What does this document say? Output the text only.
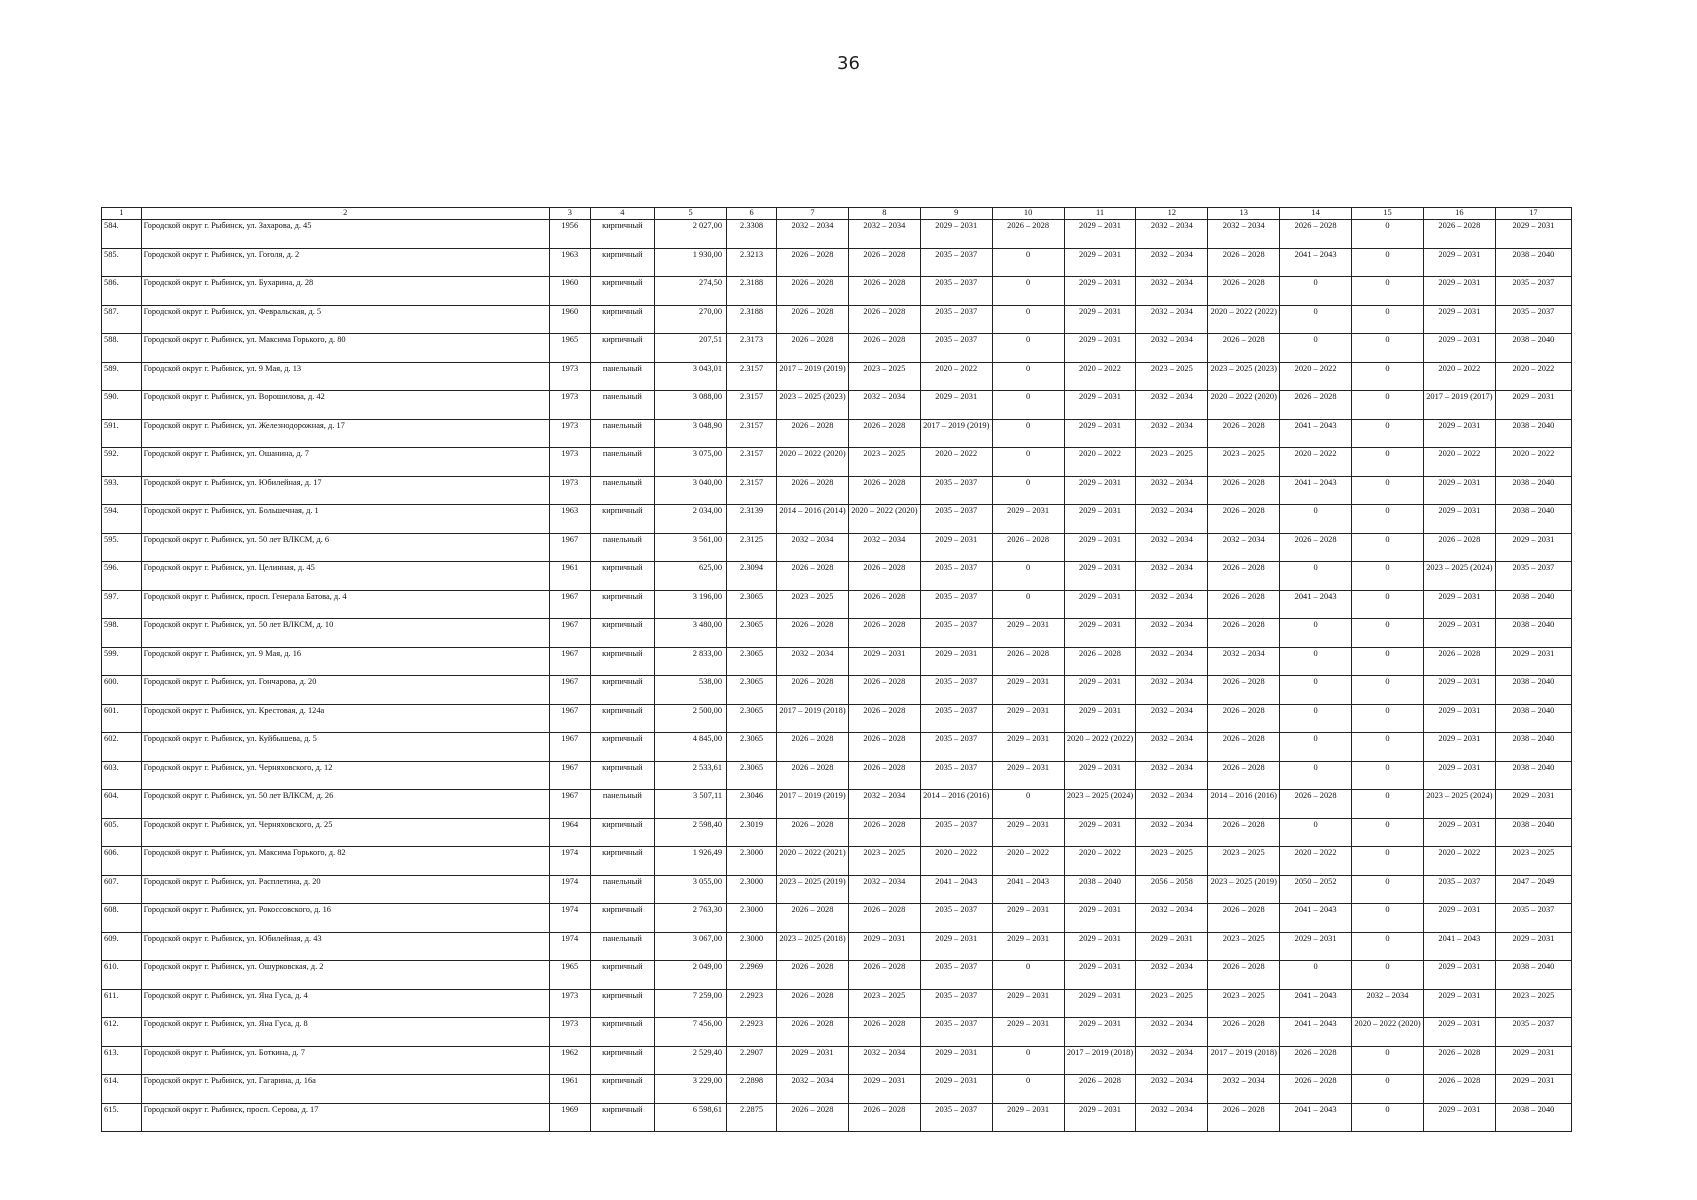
36
1	2	3	4	5	6	7	8	9	10	11	12	13	14	15	16	17
584.	Городской округ г. Рыбинск, ул. Захарова, д. 45	1956	кирпичный	2 027,00	2.3308	2032 – 2034	2032 – 2034	2029 – 2031	2026 – 2028	2029 – 2031	2032 – 2034	2032 – 2034	2026 – 2028	0	2026 – 2028	2029 – 2031
585.	Городской округ г. Рыбинск, ул. Гоголя, д. 2	1963	кирпичный	1 930,00	2.3213	2026 – 2028	2026 – 2028	2035 – 2037	0	2029 – 2031	2032 – 2034	2026 – 2028	2041 – 2043	0	2029 – 2031	2038 – 2040
586.	Городской округ г. Рыбинск, ул. Бухарина, д. 28	1960	кирпичный	274,50	2.3188	2026 – 2028	2026 – 2028	2035 – 2037	0	2029 – 2031	2032 – 2034	2026 – 2028	0	0	2029 – 2031	2035 – 2037
587.	Городской округ г. Рыбинск, ул. Февральская, д. 5	1960	кирпичный	270,00	2.3188	2026 – 2028	2026 – 2028	2035 – 2037	0	2029 – 2031	2032 – 2034	2020 – 2022 (2022)	0	0	2029 – 2031	2035 – 2037
588.	Городской округ г. Рыбинск, ул. Максима Горького, д. 80	1965	кирпичный	207,51	2.3173	2026 – 2028	2026 – 2028	2035 – 2037	0	2029 – 2031	2032 – 2034	2026 – 2028	0	0	2029 – 2031	2038 – 2040
589.	Городской округ г. Рыбинск, ул. 9 Мая, д. 13	1973	панельный	3 043,01	2.3157	2017 – 2019 (2019)	2023 – 2025	2020 – 2022	0	2020 – 2022	2023 – 2025	2023 – 2025 (2023)	2020 – 2022	0	2020 – 2022	2020 – 2022
590.	Городской округ г. Рыбинск, ул. Ворошилова, д. 42	1973	панельный	3 088,00	2.3157	2023 – 2025 (2023)	2032 – 2034	2029 – 2031	0	2029 – 2031	2032 – 2034	2020 – 2022 (2020)	2026 – 2028	0	2017 – 2019 (2017)	2029 – 2031
591.	Городской округ г. Рыбинск, ул. Железнодорожная, д. 17	1973	панельный	3 048,90	2.3157	2026 – 2028	2026 – 2028	2017 – 2019 (2019)	0	2029 – 2031	2032 – 2034	2026 – 2028	2041 – 2043	0	2029 – 2031	2038 – 2040
592.	Городской округ г. Рыбинск, ул. Ошанина, д. 7	1973	панельный	3 075,00	2.3157	2020 – 2022 (2020)	2023 – 2025	2020 – 2022	0	2020 – 2022	2023 – 2025	2023 – 2025	2020 – 2022	0	2020 – 2022	2020 – 2022
593.	Городской округ г. Рыбинск, ул. Юбилейная, д. 17	1973	панельный	3 040,00	2.3157	2026 – 2028	2026 – 2028	2035 – 2037	0	2029 – 2031	2032 – 2034	2026 – 2028	2041 – 2043	0	2029 – 2031	2038 – 2040
594.	Городской округ г. Рыбинск, ул. Большечная, д. 1	1963	кирпичный	2 034,00	2.3139	2014 – 2016 (2014)	2020 – 2022 (2020)	2035 – 2037	2029 – 2031	2029 – 2031	2032 – 2034	2026 – 2028	0	0	2029 – 2031	2038 – 2040
595.	Городской округ г. Рыбинск, ул. 50 лет ВЛКСМ, д. 6	1967	панельный	3 561,00	2.3125	2032 – 2034	2032 – 2034	2029 – 2031	2026 – 2028	2029 – 2031	2032 – 2034	2032 – 2034	2026 – 2028	0	2026 – 2028	2029 – 2031
596.	Городской округ г. Рыбинск, ул. Целинная, д. 45	1961	кирпичный	625,00	2.3094	2026 – 2028	2026 – 2028	2035 – 2037	0	2029 – 2031	2032 – 2034	2026 – 2028	0	0	2023 – 2025 (2024)	2035 – 2037
597.	Городской округ г. Рыбинск, просп. Генерала Батова, д. 4	1967	кирпичный	3 196,00	2.3065	2023 – 2025	2026 – 2028	2035 – 2037	0	2029 – 2031	2032 – 2034	2026 – 2028	2041 – 2043	0	2029 – 2031	2038 – 2040
598.	Городской округ г. Рыбинск, ул. 50 лет ВЛКСМ, д. 10	1967	кирпичный	3 480,00	2.3065	2026 – 2028	2026 – 2028	2035 – 2037	2029 – 2031	2029 – 2031	2032 – 2034	2026 – 2028	0	0	2029 – 2031	2038 – 2040
599.	Городской округ г. Рыбинск, ул. 9 Мая, д. 16	1967	кирпичный	2 833,00	2.3065	2032 – 2034	2029 – 2031	2029 – 2031	2026 – 2028	2026 – 2028	2032 – 2034	2032 – 2034	0	0	2026 – 2028	2029 – 2031
600.	Городской округ г. Рыбинск, ул. Гончарова, д. 20	1967	кирпичный	538,00	2.3065	2026 – 2028	2026 – 2028	2035 – 2037	2029 – 2031	2029 – 2031	2032 – 2034	2026 – 2028	0	0	2029 – 2031	2038 – 2040
601.	Городской округ г. Рыбинск, ул. Крестовая, д. 124а	1967	кирпичный	2 500,00	2.3065	2017 – 2019 (2018)	2026 – 2028	2035 – 2037	2029 – 2031	2029 – 2031	2032 – 2034	2026 – 2028	0	0	2029 – 2031	2038 – 2040
602.	Городской округ г. Рыбинск, ул. Куйбышева, д. 5	1967	кирпичный	4 845,00	2.3065	2026 – 2028	2026 – 2028	2035 – 2037	2029 – 2031	2020 – 2022 (2022)	2032 – 2034	2026 – 2028	0	0	2029 – 2031	2038 – 2040
603.	Городской округ г. Рыбинск, ул. Черняховского, д. 12	1967	кирпичный	2 533,61	2.3065	2026 – 2028	2026 – 2028	2035 – 2037	2029 – 2031	2029 – 2031	2032 – 2034	2026 – 2028	0	0	2029 – 2031	2038 – 2040
604.	Городской округ г. Рыбинск, ул. 50 лет ВЛКСМ, д. 26	1967	панельный	3 507,11	2.3046	2017 – 2019 (2019)	2032 – 2034	2014 – 2016 (2016)	0	2023 – 2025 (2024)	2032 – 2034	2014 – 2016 (2016)	2026 – 2028	0	2023 – 2025 (2024)	2029 – 2031
605.	Городской округ г. Рыбинск, ул. Черняховского, д. 25	1964	кирпичный	2 598,40	2.3019	2026 – 2028	2026 – 2028	2035 – 2037	2029 – 2031	2029 – 2031	2032 – 2034	2026 – 2028	0	0	2029 – 2031	2038 – 2040
606.	Городской округ г. Рыбинск, ул. Максима Горького, д. 82	1974	кирпичный	1 926,49	2.3000	2020 – 2022 (2021)	2023 – 2025	2020 – 2022	2020 – 2022	2020 – 2022	2023 – 2025	2023 – 2025	2020 – 2022	0	2020 – 2022	2023 – 2025
607.	Городской округ г. Рыбинск, ул. Расплетина, д. 20	1974	панельный	3 055,00	2.3000	2023 – 2025 (2019)	2032 – 2034	2041 – 2043	2041 – 2043	2038 – 2040	2056 – 2058	2023 – 2025 (2019)	2050 – 2052	0	2035 – 2037	2047 – 2049
608.	Городской округ г. Рыбинск, ул. Рокоссовского, д. 16	1974	кирпичный	2 763,30	2.3000	2026 – 2028	2026 – 2028	2035 – 2037	2029 – 2031	2029 – 2031	2032 – 2034	2026 – 2028	2041 – 2043	0	2029 – 2031	2035 – 2037
609.	Городской округ г. Рыбинск, ул. Юбилейная, д. 43	1974	панельный	3 067,00	2.3000	2023 – 2025 (2018)	2029 – 2031	2029 – 2031	2029 – 2031	2029 – 2031	2029 – 2031	2023 – 2025	2029 – 2031	0	2041 – 2043	2029 – 2031
610.	Городской округ г. Рыбинск, ул. Ошурковская, д. 2	1965	кирпичный	2 049,00	2.2969	2026 – 2028	2026 – 2028	2035 – 2037	0	2029 – 2031	2032 – 2034	2026 – 2028	0	0	2029 – 2031	2038 – 2040
611.	Городской округ г. Рыбинск, ул. Яна Гуса, д. 4	1973	кирпичный	7 259,00	2.2923	2026 – 2028	2023 – 2025	2035 – 2037	2029 – 2031	2029 – 2031	2023 – 2025	2023 – 2025	2041 – 2043	2032 – 2034	2029 – 2031	2023 – 2025
612.	Городской округ г. Рыбинск, ул. Яна Гуса, д. 8	1973	кирпичный	7 456,00	2.2923	2026 – 2028	2026 – 2028	2035 – 2037	2029 – 2031	2029 – 2031	2032 – 2034	2026 – 2028	2041 – 2043	2020 – 2022 (2020)	2029 – 2031	2035 – 2037
613.	Городской округ г. Рыбинск, ул. Боткина, д. 7	1962	кирпичный	2 529,40	2.2907	2029 – 2031	2032 – 2034	2029 – 2031	0	2017 – 2019 (2018)	2032 – 2034	2017 – 2019 (2018)	2026 – 2028	0	2026 – 2028	2029 – 2031
614.	Городской округ г. Рыбинск, ул. Гагарина, д. 16а	1961	кирпичный	3 229,00	2.2898	2032 – 2034	2029 – 2031	2029 – 2031	0	2026 – 2028	2032 – 2034	2032 – 2034	2026 – 2028	0	2026 – 2028	2029 – 2031
615.	Городской округ г. Рыбинск, просп. Серова, д. 17	1969	кирпичный	6 598,61	2.2875	2026 – 2028	2026 – 2028	2035 – 2037	2029 – 2031	2029 – 2031	2032 – 2034	2026 – 2028	2041 – 2043	0	2029 – 2031	2038 – 2040
